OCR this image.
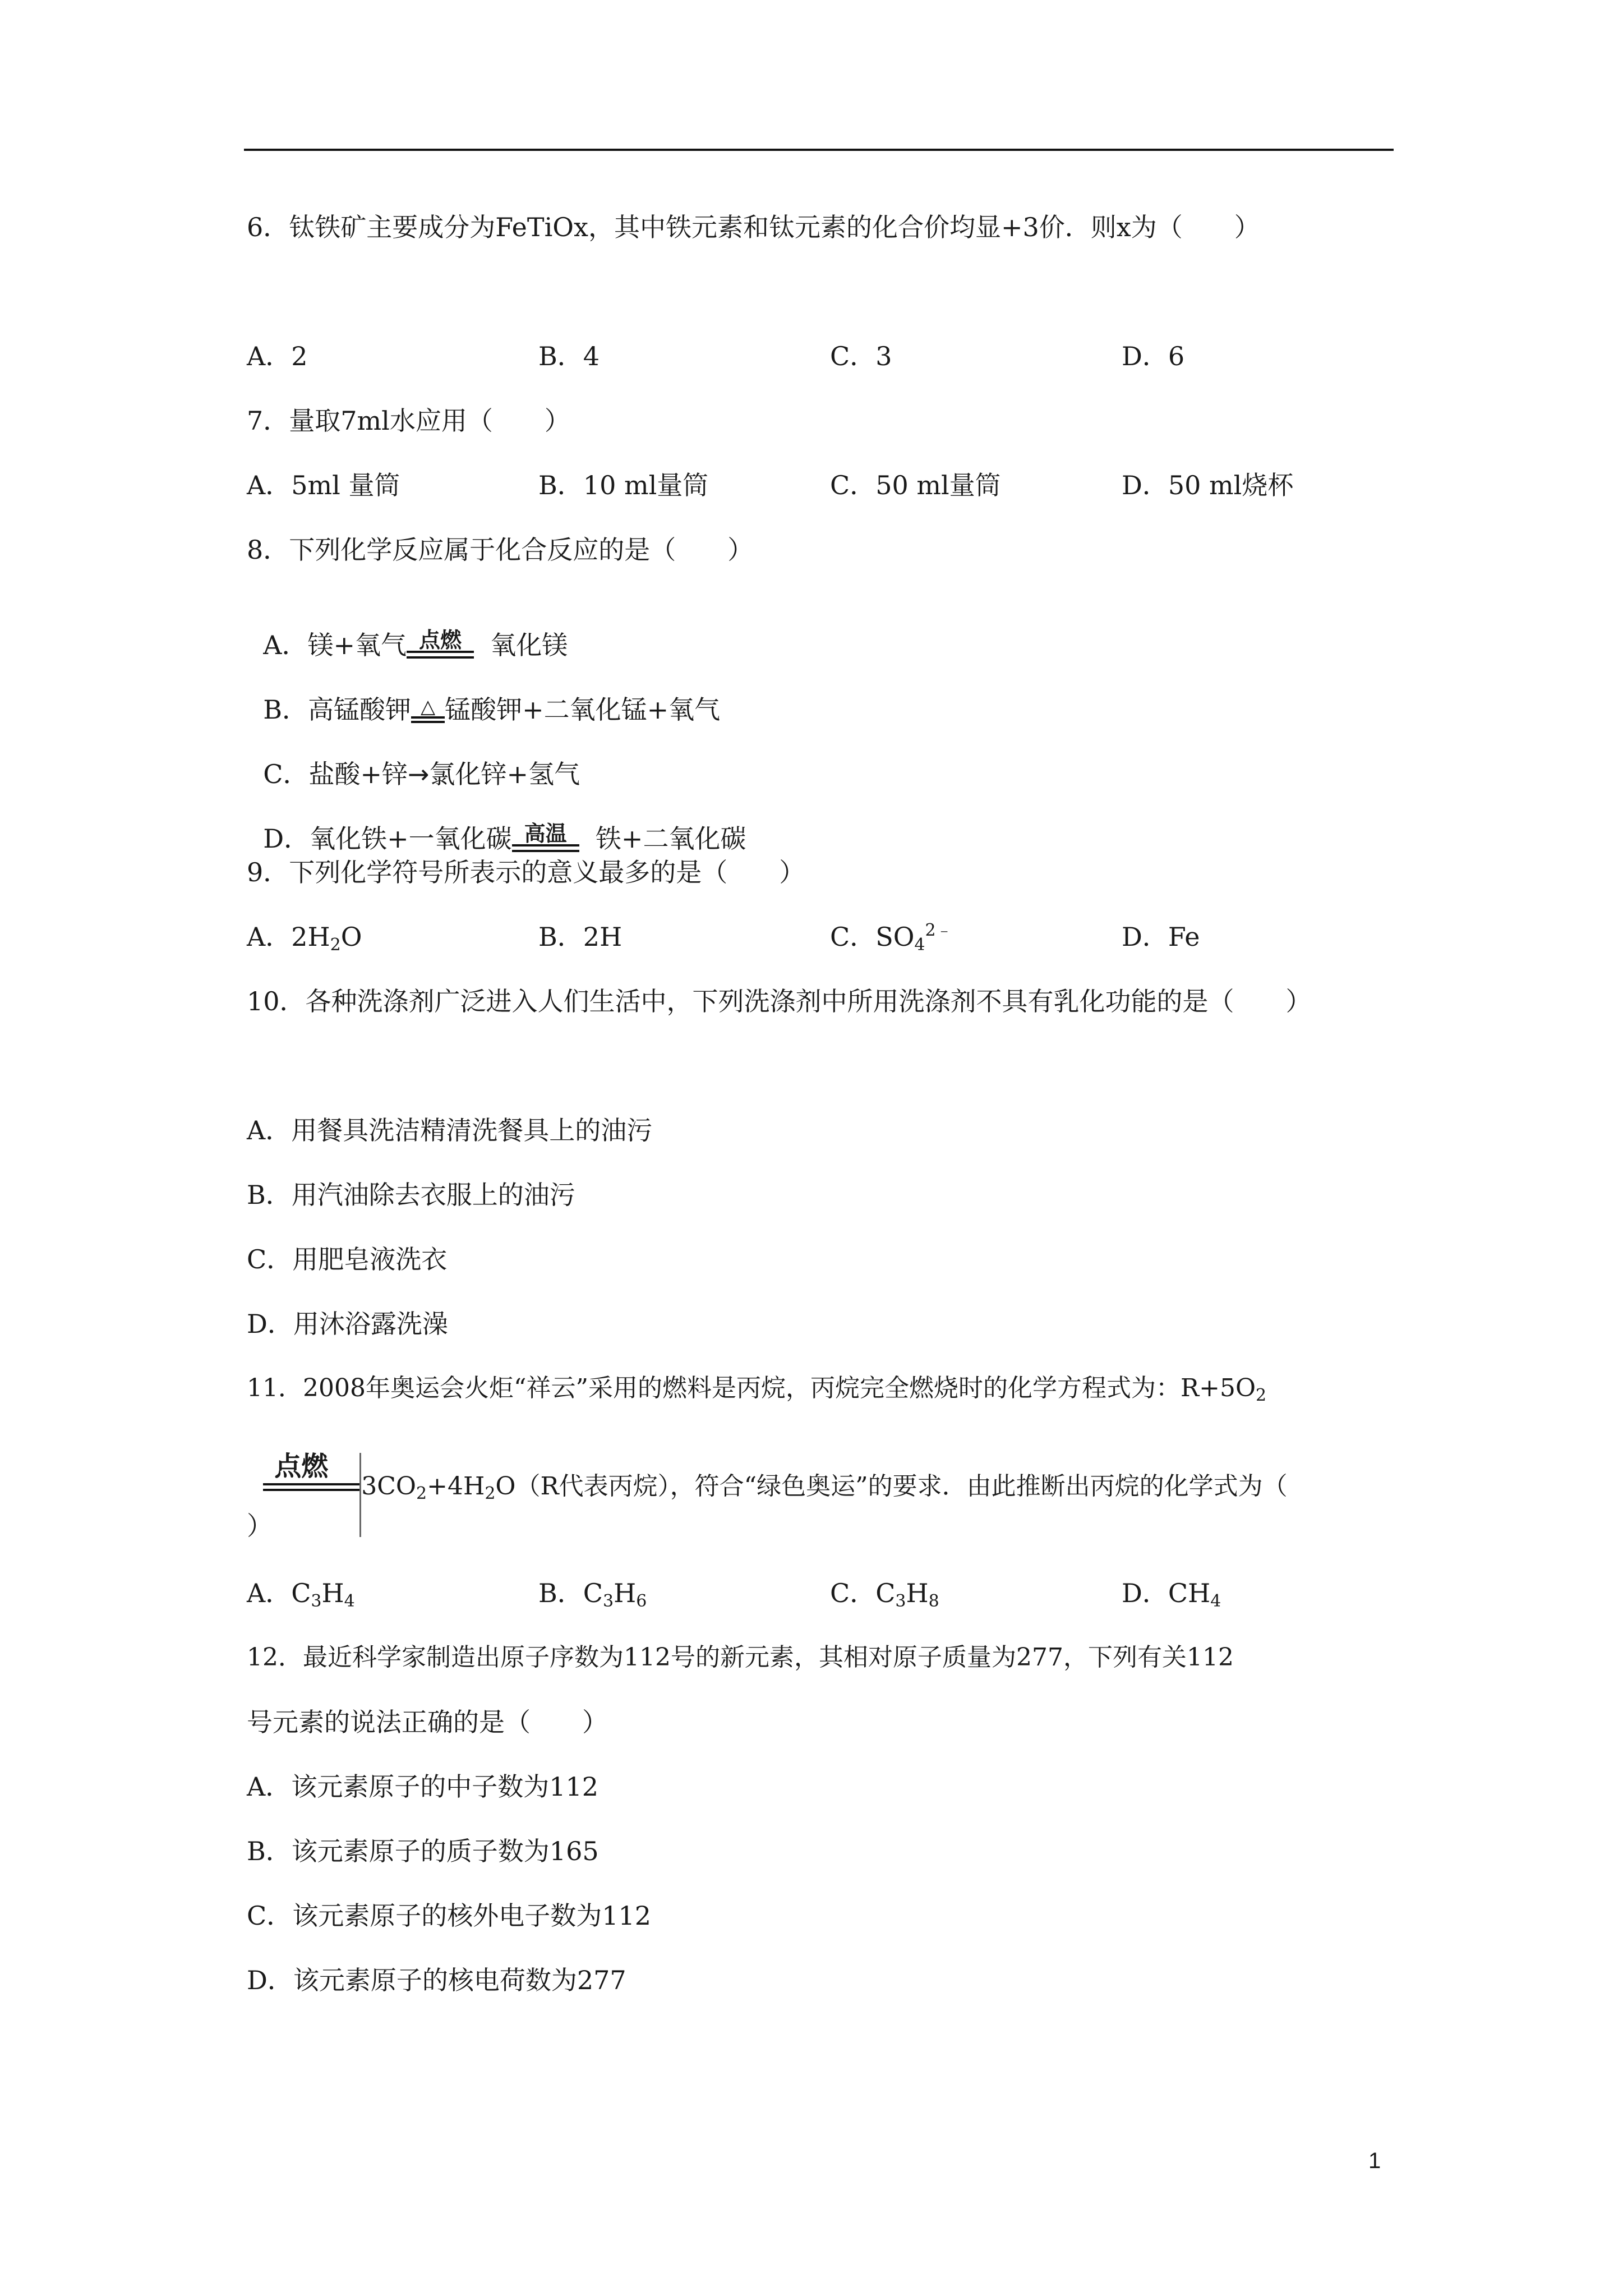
6．钛铁矿主要成分为FeTiOx，其中铁元素和钛元素的化合价均显+3价．则x为（　　）
A．2	B．4	C．3	D．6
7．量取7ml水应用（　　）
A．5ml 量筒	B．10 ml量筒	C．50 ml量筒	D．50 ml烧杯
8．下列化学反应属于化合反应的是（　　）

A．镁+氧气 点燃 氧化镁

B．高锰酸钾 △ 锰酸钾+二氧化锰+氧气

C．盐酸+锌→氯化锌+氢气

D．氧化铁+一氧化碳 高温 铁+二氧化碳

9．下列化学符号所表示的意义最多的是（　　）
A．$2H_2O$	B．2H	C．$SO_4^{2﹣}$	D．Fe
10．各种洗涤剂广泛进入人们生活中，下列洗涤剂中所用洗涤剂不具有乳化功能的是（　　）
A．用餐具洗洁精清洗餐具上的油污
B．用汽油除去衣服上的油污
C．用肥皂液洗衣
D．用沐浴露洗澡
11．2008年奥运会火炬“祥云”采用的燃料是丙烷，丙烷完全燃烧时的化学方程式为：$R+5O_2$

点燃
$3CO_2+4H_2O(R$代表丙烷），符合“绿色奥运”的要求．由此推断出丙烷的化学式为（

）
A．$C_3H_4$	B．$C_3H_6$	C．$C_3H_8$	D．$CH_4$
12．最近科学家制造出原子序数为112号的新元素，其相对原子质量为277，下列有关112
号元素的说法正确的是（　　）
A．该元素原子的中子数为112
B．该元素原子的质子数为165
C．该元素原子的核外电子数为112
D．该元素原子的核电荷数为277
1
